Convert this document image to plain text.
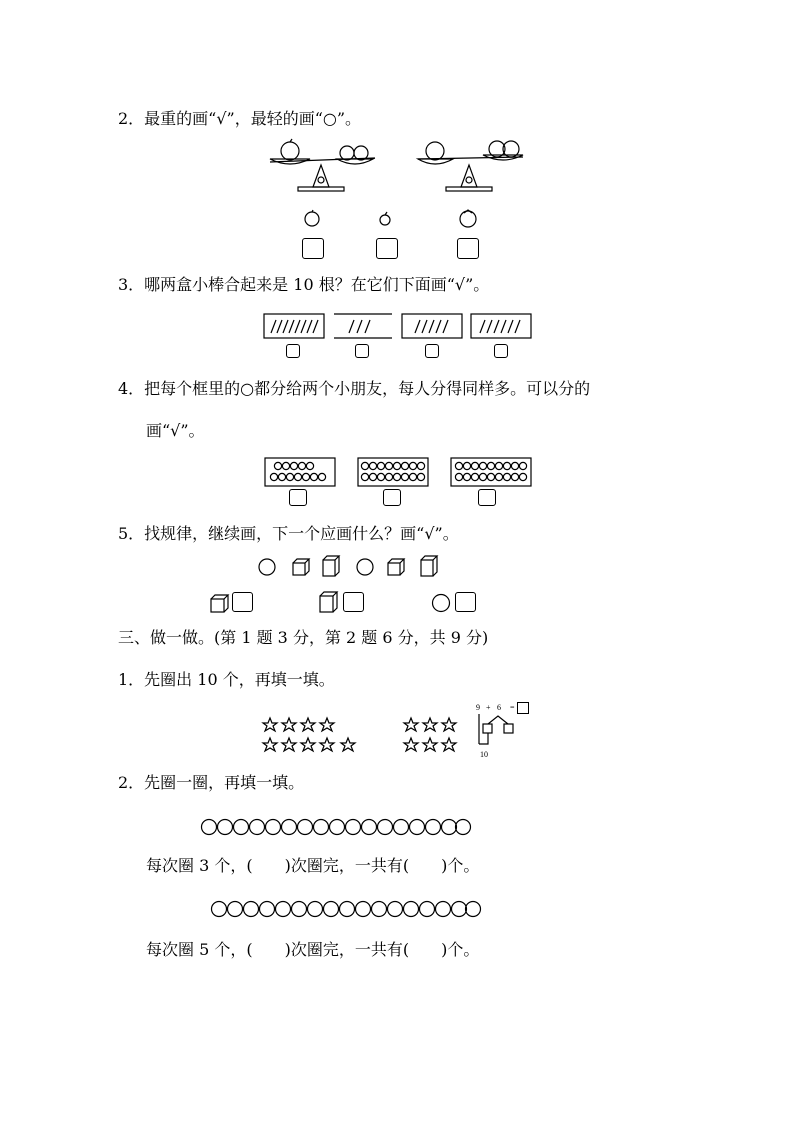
2．最重的画“√”，最轻的画“○”。
3．哪两盒小棒合起来是 10 根？在它们下面画“√”。
4．把每个框里的○都分给两个小朋友，每人分得同样多。可以分的
画“√”。
5．找规律，继续画，下一个应画什么？画“√”。
三、做一做。(第 1 题 3 分，第 2 题 6 分，共 9 分)
1．先圈出 10 个，再填一填。
9 + 6 =
10
2．先圈一圈，再填一填。
每次圈 3 个，(　　)次圈完，一共有(　　)个。
每次圈 5 个，(　　)次圈完，一共有(　　)个。
